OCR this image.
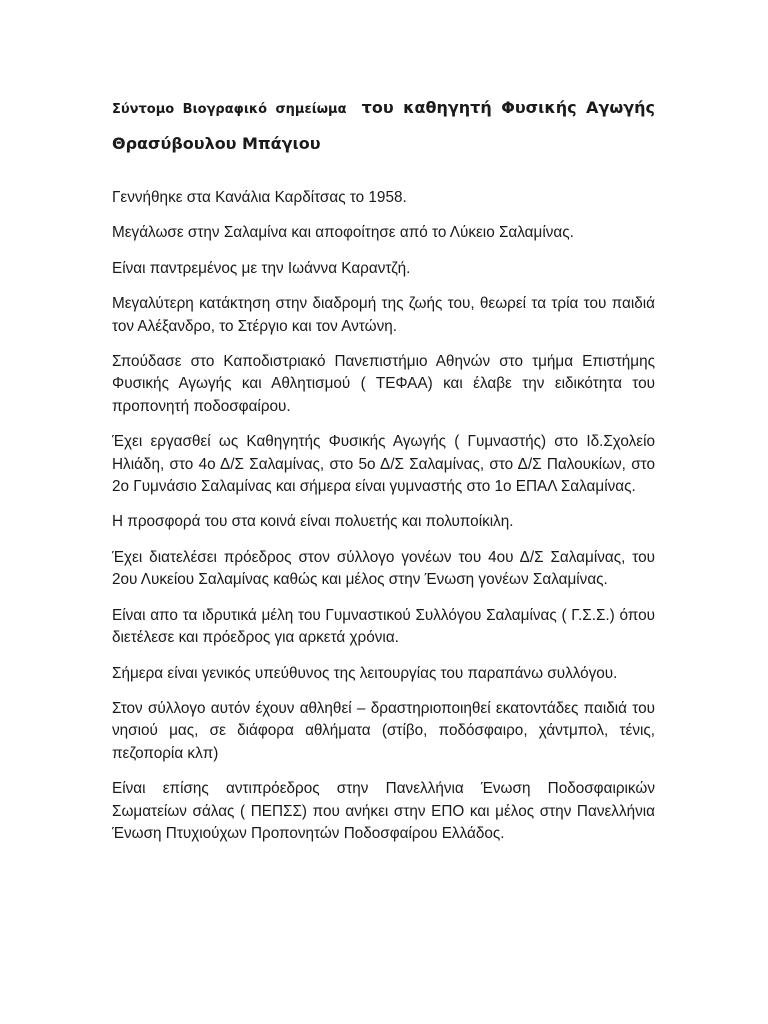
Σύντομο Βιογραφικό σημείωμα του καθηγητή Φυσικής Αγωγής Θρασύβουλου Μπάγιου

Γεννήθηκε στα Κανάλια Καρδίτσας το 1958.

Μεγάλωσε στην Σαλαμίνα και αποφοίτησε από το Λύκειο Σαλαμίνας.

Είναι παντρεμένος με την Ιωάννα Καραντζή.

Μεγαλύτερη κατάκτηση στην διαδρομή της ζωής του, θεωρεί τα τρία του παιδιά τον Αλέξανδρο, το Στέργιο και τον Αντώνη.

Σπούδασε στο Καποδιστριακό Πανεπιστήμιο Αθηνών στο τμήμα Επιστήμης Φυσικής Αγωγής και Αθλητισμού ( ΤΕΦΑΑ) και έλαβε την ειδικότητα του προπονητή ποδοσφαίρου.

Έχει εργασθεί ως Καθηγητής Φυσικής Αγωγής ( Γυμναστής) στο Ιδ.Σχολείο Ηλιάδη, στο 4ο Δ/Σ Σαλαμίνας, στο 5ο Δ/Σ Σαλαμίνας, στο Δ/Σ Παλουκίων, στο 2ο Γυμνάσιο Σαλαμίνας και σήμερα είναι γυμναστής στο 1ο ΕΠΑΛ Σαλαμίνας.

Η προσφορά του στα κοινά είναι πολυετής και πολυποίκιλη.

Έχει διατελέσει πρόεδρος στον σύλλογο γονέων του 4ου Δ/Σ Σαλαμίνας, του 2ου Λυκείου Σαλαμίνας καθώς και μέλος στην Ένωση γονέων Σαλαμίνας.

Είναι απο τα ιδρυτικά μέλη του Γυμναστικού Συλλόγου Σαλαμίνας ( Γ.Σ.Σ.) όπου διετέλεσε και πρόεδρος για αρκετά χρόνια.

Σήμερα είναι γενικός υπεύθυνος της λειτουργίας του παραπάνω συλλόγου.

Στον σύλλογο αυτόν έχουν αθληθεί – δραστηριοποιηθεί εκατοντάδες παιδιά του νησιού μας, σε διάφορα αθλήματα (στίβο, ποδόσφαιρο, χάντμπολ, τένις, πεζοπορία κλπ)

Είναι επίσης αντιπρόεδρος στην Πανελλήνια Ένωση Ποδοσφαιρικών Σωματείων σάλας ( ΠΕΠΣΣ) που ανήκει στην ΕΠΟ και μέλος στην Πανελλήνια Ένωση Πτυχιούχων Προπονητών Ποδοσφαίρου Ελλάδος.
